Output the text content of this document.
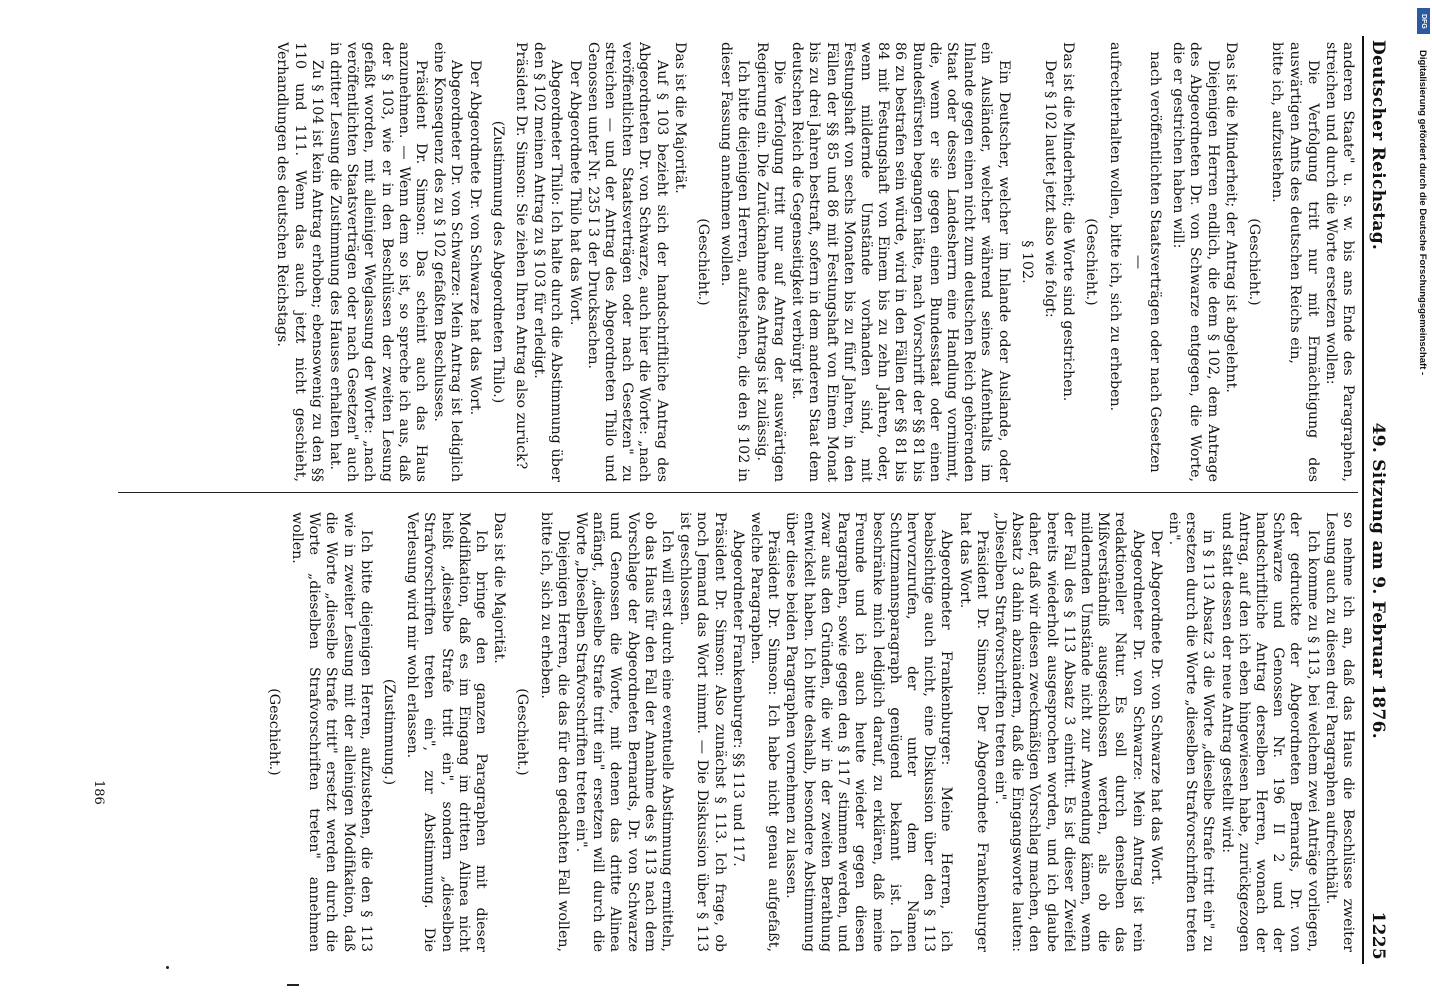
Deutscher Reichstag.
49. Sitzung am 9. Februar 1876.
1225

anderen Staate" u. s. w. bis ans Ende des Paragraphen, streichen und durch die Worte ersetzen wollen:

Die Verfolgung tritt nur mit Ermächtigung des auswärtigen Amts des deutschen Reichs ein,

bitte ich, aufzustehen.

(Geschieht.)

Das ist die Minderheit; der Antrag ist abgelehnt.

Diejenigen Herren endlich, die dem § 102, dem Antrage des Abgeordneten Dr. von Schwarze entgegen, die Worte, die er gestrichen haben will:

nach veröffentlichten Staatsverträgen oder nach Gesetzen —

aufrechterhalten wollen, bitte ich, sich zu erheben.

(Geschieht.)

Das ist die Minderheit; die Worte sind gestrichen.

Der § 102 lautet jetzt also wie folgt:

§ 102.

Ein Deutscher, welcher im Inlande oder Auslande, oder ein Ausländer, welcher während seines Aufenthalts im Inlande gegen einen nicht zum deutschen Reich gehörenden Staat oder dessen Landesherrn eine Handlung vornimmt, die, wenn er sie gegen einen Bundesstaat oder einen Bundesfürsten begangen hätte, nach Vorschrift der §§ 81 bis 86 zu bestrafen sein würde, wird in den Fällen der §§ 81 bis 84 mit Festungshaft von Einem bis zu zehn Jahren, oder, wenn mildernde Umstände vorhanden sind, mit Festungshaft von sechs Monaten bis zu fünf Jahren, in den Fällen der §§ 85 und 86 mit Festungshaft von Einem Monat bis zu drei Jahren bestraft, sofern in dem anderen Staat dem deutschen Reich die Gegenseitigkeit verbürgt ist.

Die Verfolgung tritt nur auf Antrag der auswärtigen Regierung ein. Die Zurücknahme des Antrags ist zulässig.

Ich bitte diejenigen Herren, aufzustehen, die den § 102 in dieser Fassung annehmen wollen.

(Geschieht.)

Das ist die Majorität.

Auf § 103 bezieht sich der handschriftliche Antrag des Abgeordneten Dr. von Schwarze, auch hier die Worte: „nach veröffentlichten Staatsverträgen oder nach Gesetzen" zu streichen — und der Antrag des Abgeordneten Thilo und Genossen unter Nr. 235 I 3 der Drucksachen.

Der Abgeordnete Thilo hat das Wort.

Abgeordneter Thilo: Ich halte durch die Abstimmung über den § 102 meinen Antrag zu § 103 für erledigt.

Präsident Dr. Simson: Sie ziehen Ihren Antrag also zurück?

(Zustimmung des Abgeordneten Thilo.)

Der Abgeordnete Dr. von Schwarze hat das Wort.

Abgeordneter Dr. von Schwarze: Mein Antrag ist lediglich eine Konsequenz des zu § 102 gefaßten Beschlusses.

Präsident Dr. Simson: Das scheint auch das Haus anzunehmen. — Wenn dem so ist, so spreche ich aus, daß der § 103, wie er in den Beschlüssen der zweiten Lesung gefaßt worden, mit alleiniger Weglassung der Worte: „nach veröffentlichten Staatsverträgen oder nach Gesetzen" auch in dritter Lesung die Zustimmung des Hauses erhalten hat.

Zu § 104 ist kein Antrag erhoben; ebensowenig zu den §§ 110 und 111. Wenn das auch jetzt nicht geschieht, Verhandlungen des deutschen Reichstags.

so nehme ich an, daß das Haus die Beschlüsse zweiter Lesung auch zu diesen drei Paragraphen aufrechthält.

Ich komme zu § 113, bei welchem zwei Anträge vorliegen, der gedruckte der Abgeordneten Bernards, Dr. von Schwarze und Genossen Nr. 196 II 2 und der handschriftliche Antrag derselben Herren, wonach der Antrag, auf den ich eben hingewiesen habe, zurückgezogen und statt dessen der neue Antrag gestellt wird:

in § 113 Absatz 3 die Worte „dieselbe Strafe tritt ein" zu ersetzen durch die Worte „dieselben Strafvorschriften treten ein".

Der Abgeordnete Dr. von Schwarze hat das Wort.

Abgeordneter Dr. von Schwarze: Mein Antrag ist rein redaktioneller Natur. Es soll durch denselben das Mißverständniß ausgeschlossen werden, als ob die mildernden Umstände nicht zur Anwendung kämen, wenn der Fall des § 113 Absatz 3 eintritt. Es ist dieser Zweifel bereits wiederholt ausgesprochen worden, und ich glaube daher, daß wir diesen zweckmäßigen Vorschlag machen, den Absatz 3 dahin abzuändern, daß die Eingangsworte lauten: „Dieselben Strafvorschriften treten ein".

Präsident Dr. Simson: Der Abgeordnete Frankenburger hat das Wort.

Abgeordneter Frankenburger: Meine Herren, ich beabsichtige auch nicht, eine Diskussion über den § 113 hervorzurufen, der unter dem Namen Schutzmannsparagraph genügend bekannt ist. Ich beschränke mich lediglich darauf, zu erklären, daß meine Freunde und ich auch heute wieder gegen diesen Paragraphen, sowie gegen den § 117 stimmen werden, und zwar aus den Gründen, die wir in der zweiten Berathung entwickelt haben. Ich bitte deshalb, besondere Abstimmung über diese beiden Paragraphen vornehmen zu lassen.

Präsident Dr. Simson: Ich habe nicht genau aufgefaßt, welche Paragraphen.

Abgeordneter Frankenburger: §§ 113 und 117.

Präsident Dr. Simson: Also zunächst § 113. Ich frage, ob noch Jemand das Wort nimmt. — Die Diskussion über § 113 ist geschlossen.

Ich will erst durch eine eventuelle Abstimmung ermitteln, ob das Haus für den Fall der Annahme des § 113 nach dem Vorschlage der Abgeordneten Bernards, Dr. von Schwarze und Genossen die Worte, mit denen das dritte Alinea anfängt, „dieselbe Strafe tritt ein" ersetzen will durch die Worte „Dieselben Strafvorschriften treten ein".

Diejenigen Herren, die das für den gedachten Fall wollen, bitte ich, sich zu erheben.

(Geschieht.)

Das ist die Majorität.

Ich bringe den ganzen Paragraphen mit dieser Modifikation, daß es im Eingang im dritten Alinea nicht heißt „dieselbe Strafe tritt ein", sondern „dieselben Strafvorschriften treten ein", zur Abstimmung. Die Verlesung wird mir wohl erlassen.

(Zustimmung.)

Ich bitte diejenigen Herren, aufzustehen, die den § 113 wie in zweiter Lesung mit der alleinigen Modifikation, daß die Worte „dieselbe Strafe tritt" ersetzt werden durch die Worte „dieselben Strafvorschriften treten" annehmen wollen.

(Geschieht.)

186
DFG
Digitalisierung gefördert durch die Deutsche Forschungsgemeinschaft -
